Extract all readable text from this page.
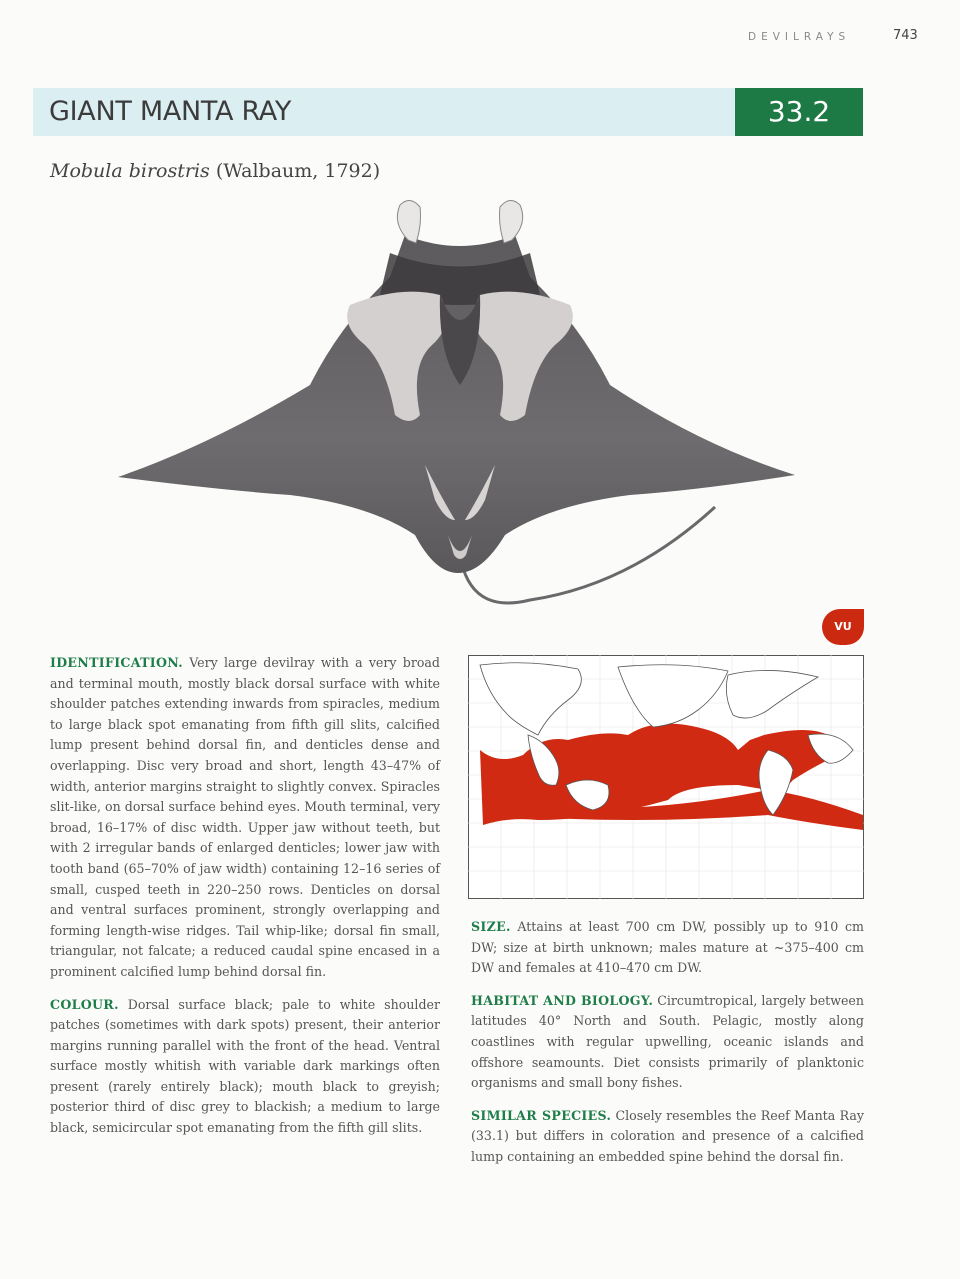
DEVILRAYS	743
GIANT MANTA RAY	33.2
Mobula birostris (Walbaum, 1792)
VU

IDENTIFICATION. Very large devilray with a very broad and terminal mouth, mostly black dorsal surface with white shoulder patches extending inwards from spiracles, medium to large black spot emanating from fifth gill slits, calcified lump present behind dorsal fin, and denticles dense and overlapping. Disc very broad and short, length 43–47% of width, anterior margins straight to slightly convex. Spiracles slit-like, on dorsal surface behind eyes. Mouth terminal, very broad, 16–17% of disc width. Upper jaw without teeth, but with 2 irregular bands of enlarged denticles; lower jaw with tooth band (65–70% of jaw width) containing 12–16 series of small, cusped teeth in 220–250 rows. Denticles on dorsal and ventral surfaces prominent, strongly overlapping and forming length-wise ridges. Tail whip-like; dorsal fin small, triangular, not falcate; a reduced caudal spine encased in a prominent calcified lump behind dorsal fin.

COLOUR. Dorsal surface black; pale to white shoulder patches (sometimes with dark spots) present, their anterior margins running parallel with the front of the head. Ventral surface mostly whitish with variable dark markings often present (rarely entirely black); mouth black to greyish; posterior third of disc grey to blackish; a medium to large black, semicircular spot emanating from the fifth gill slits.

SIZE. Attains at least 700 cm DW, possibly up to 910 cm DW; size at birth unknown; males mature at ~375–400 cm DW and females at 410–470 cm DW.

HABITAT AND BIOLOGY. Circumtropical, largely between latitudes 40° North and South. Pelagic, mostly along coastlines with regular upwelling, oceanic islands and offshore seamounts. Diet consists primarily of planktonic organisms and small bony fishes.

SIMILAR SPECIES. Closely resembles the Reef Manta Ray (33.1) but differs in coloration and presence of a calcified lump containing an embedded spine behind the dorsal fin.
